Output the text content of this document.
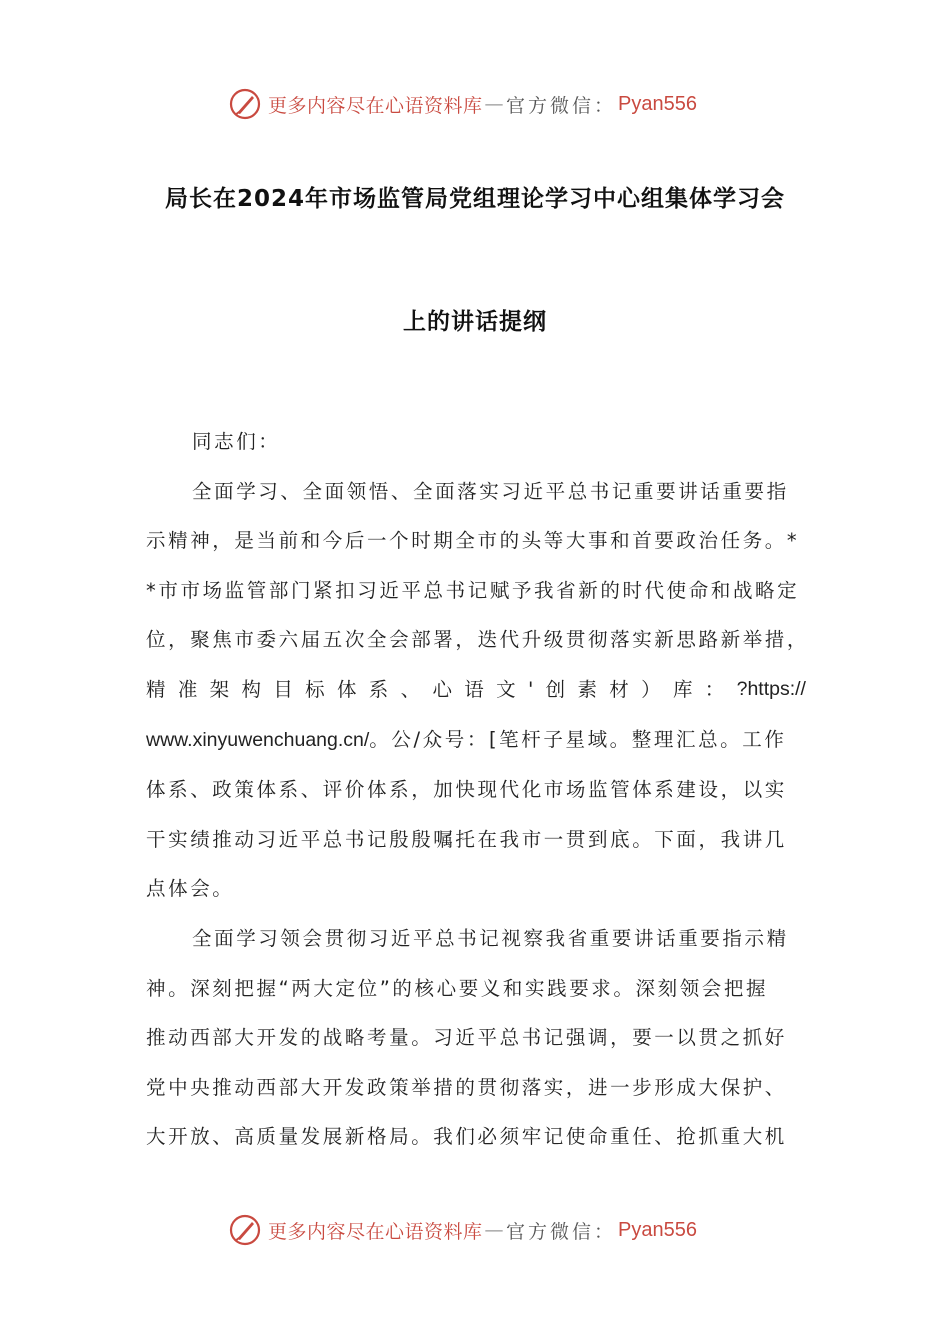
更多内容尽在心语资料库 — 官方微信： Pyan556
局长在2024年市场监管局党组理论学习中心组集体学习会
上的讲话提纲
同志们：
全面学习、全面领悟、全面落实习近平总书记重要讲话重要指
示精神，是当前和今后一个时期全市的头等大事和首要政治任务。*
*市市场监管部门紧扣习近平总书记赋予我省新的时代使命和战略定
位，聚焦市委六届五次全会部署，迭代升级贯彻落实新思路新举措，
精 准 架 构 目 标 体 系 、 心 语 文 ' 创 素 材 ） 库 ： ?https://
www.xinyuwenchuang.cn/。公/众号：[笔杆子星域。整理汇总。工作
体系、政策体系、评价体系，加快现代化市场监管体系建设，以实
干实绩推动习近平总书记殷殷嘱托在我市一贯到底。下面，我讲几
点体会。
全面学习领会贯彻习近平总书记视察我省重要讲话重要指示精
神。深刻把握“两大定位”的核心要义和实践要求。深刻领会把握
推动西部大开发的战略考量。习近平总书记强调，要一以贯之抓好
党中央推动西部大开发政策举措的贯彻落实，进一步形成大保护、
大开放、高质量发展新格局。我们必须牢记使命重任、抢抓重大机
更多内容尽在心语资料库 — 官方微信： Pyan556
